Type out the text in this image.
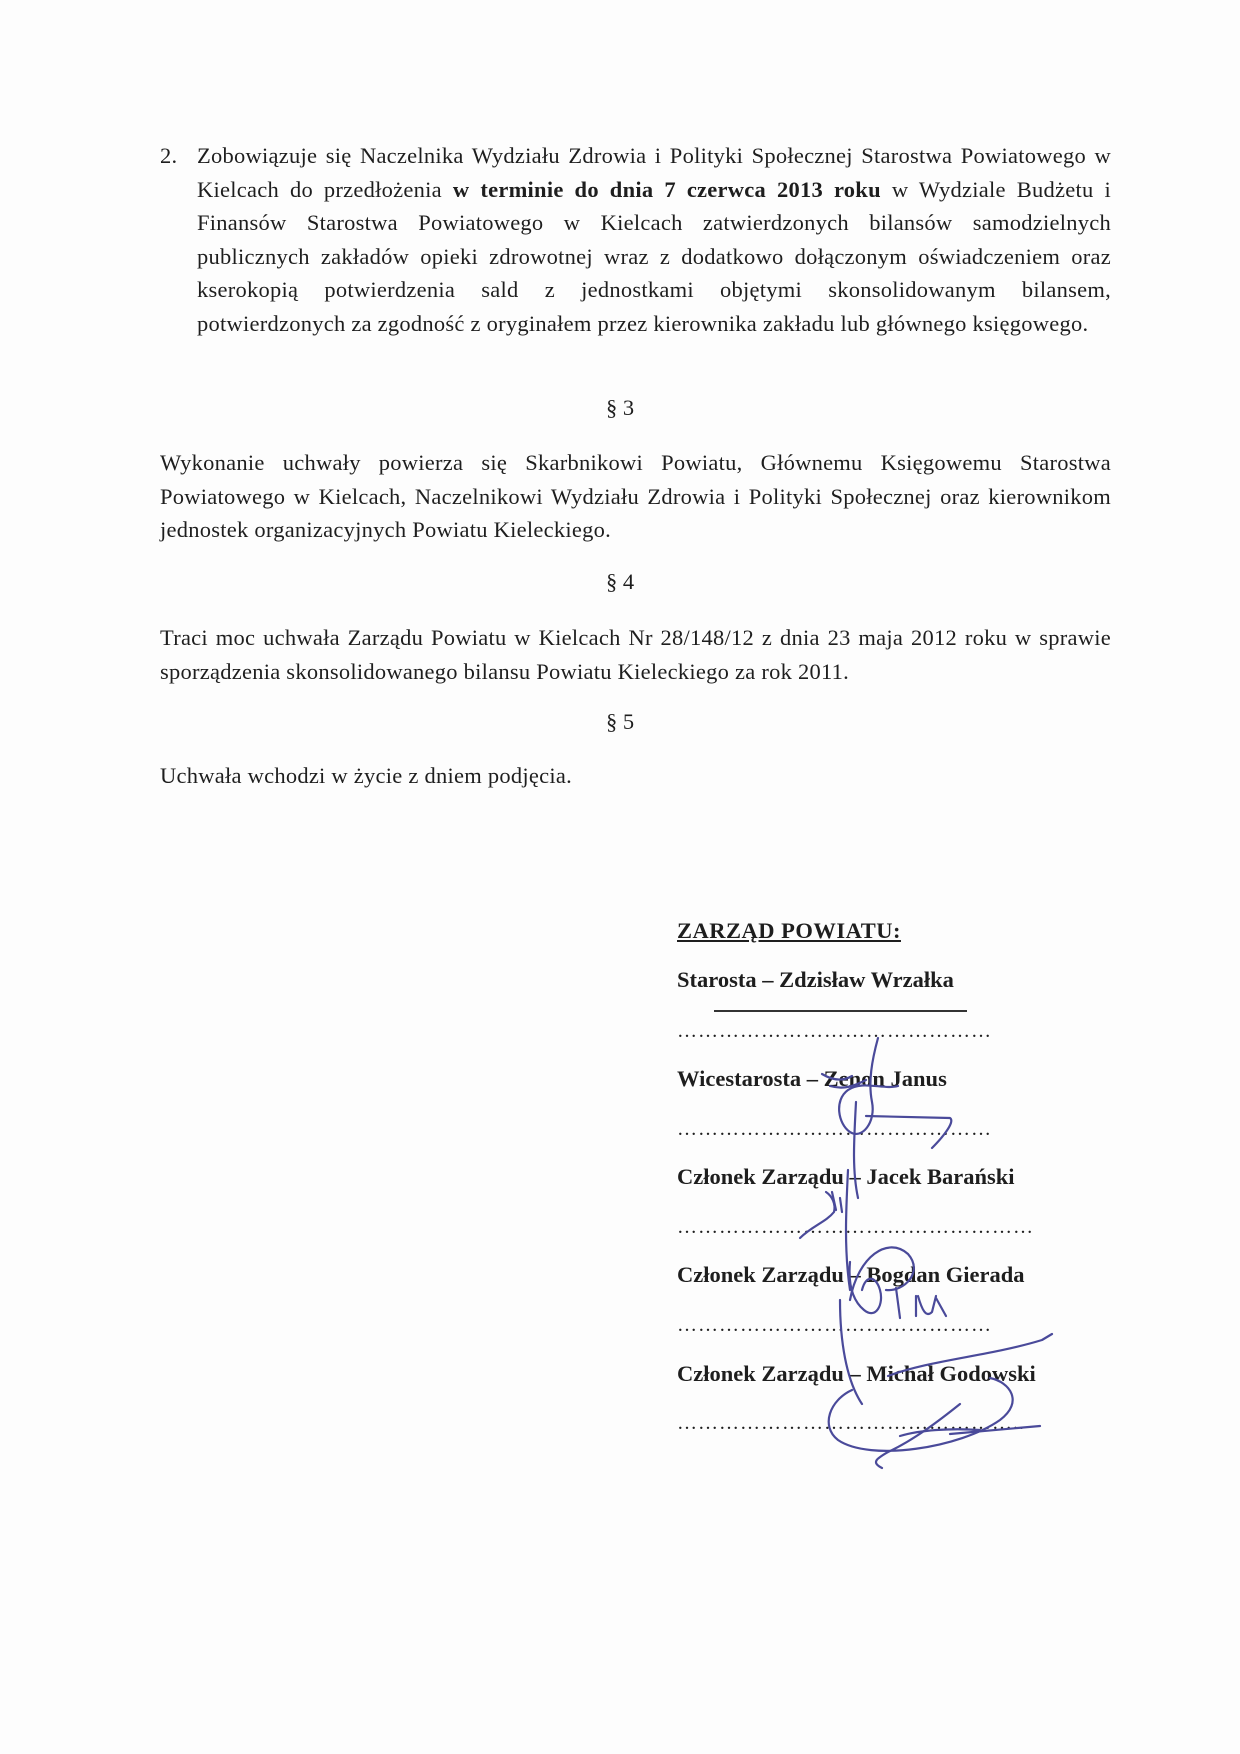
2. Zobowiązuje się Naczelnika Wydziału Zdrowia i Polityki Społecznej Starostwa Powiatowego w Kielcach do przedłożenia w terminie do dnia 7 czerwca 2013 roku w Wydziale Budżetu i Finansów Starostwa Powiatowego w Kielcach zatwierdzonych bilansów samodzielnych publicznych zakładów opieki zdrowotnej wraz z dodatkowo dołączonym oświadczeniem oraz kserokopią potwierdzenia sald z jednostkami objętymi skonsolidowanym bilansem, potwierdzonych za zgodność z oryginałem przez kierownika zakładu lub głównego księgowego.

§ 3

Wykonanie uchwały powierza się Skarbnikowi Powiatu, Głównemu Księgowemu Starostwa Powiatowego w Kielcach, Naczelnikowi Wydziału Zdrowia i Polityki Społecznej oraz kierownikom jednostek organizacyjnych Powiatu Kieleckiego.

§ 4

Traci moc uchwała Zarządu Powiatu w Kielcach Nr 28/148/12 z dnia 23 maja 2012 roku w sprawie sporządzenia skonsolidowanego bilansu Powiatu Kieleckiego za rok 2011.

§ 5

Uchwała wchodzi w życie z dniem podjęcia.

ZARZĄD POWIATU:

Starosta – Zdzisław Wrzałka

………………………………………

Wicestarosta – Zenon Janus

………………………………………

Członek Zarządu – Jacek Barański

……………………………………………

Członek Zarządu – Bogdan Gierada

………………………………………

Członek Zarządu – Michał Godowski

…………………………………………..
